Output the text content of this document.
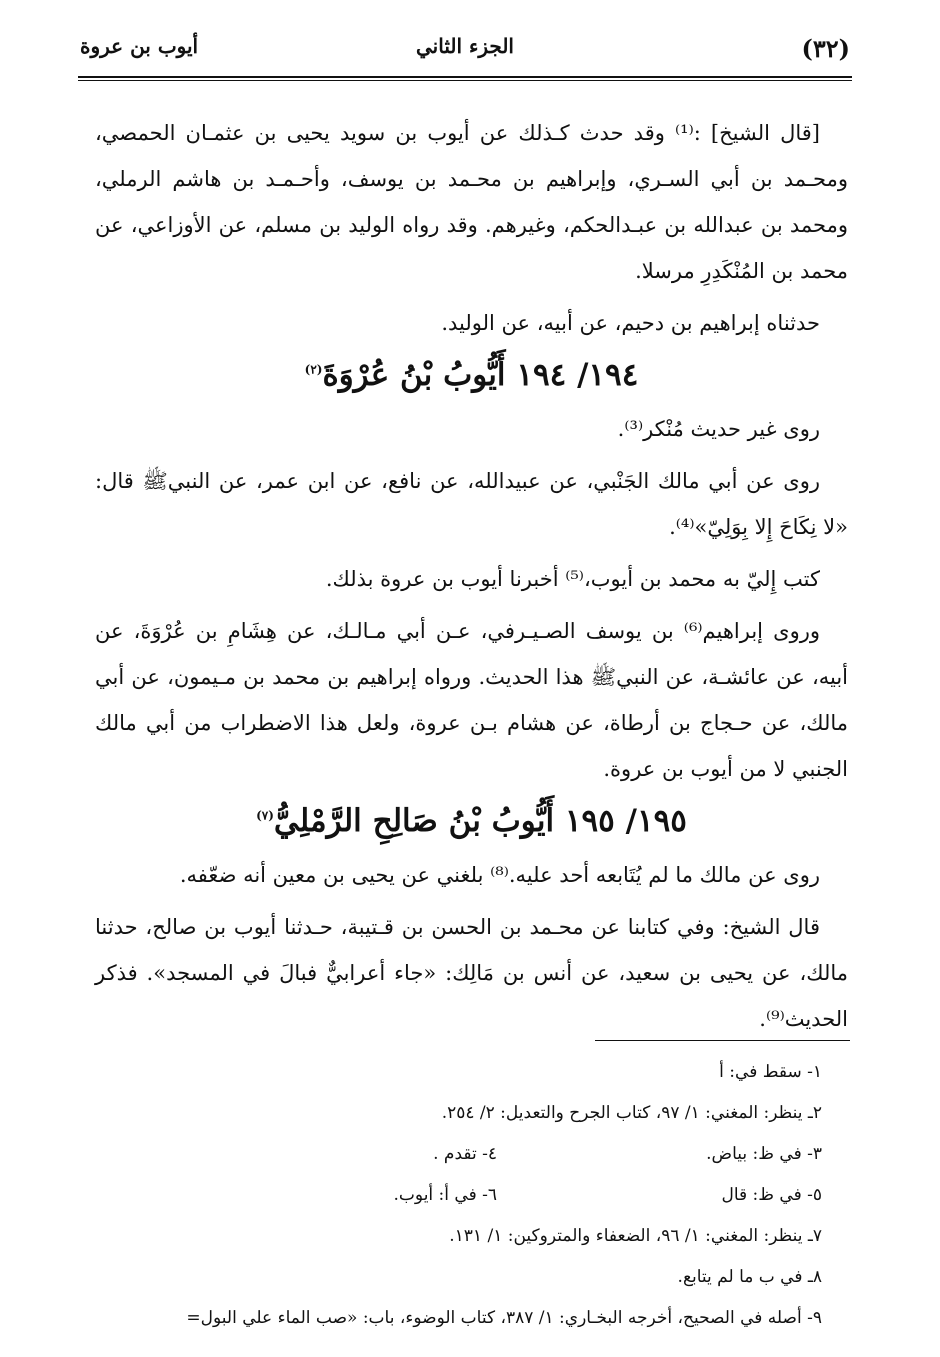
(٣٢)
الجزء الثاني
أيوب بن عروة

[قال الشيخ] :⁽¹⁾ وقد حدث كـذلك عن أيوب بن سويد يحيى بن عثمـان الحمصي، ومحـمد بن أبي السـري، وإبراهيم بن محـمد بن يوسف، وأحـمـد بن هاشم الرملي، ومحمد بن عبدالله بن عبـدالحكم، وغيرهم. وقد رواه الوليد بن مسلم، عن الأوزاعي، عن محمد بن المُنْكَدِرِ مرسلا.

حدثناه إبراهيم بن دحيم، عن أبيه، عن الوليد.

١٩٤/ ١٩٤ أَيُّوبُ بْنُ عُرْوَةَ$^{(٢)}$

روى غير حديث مُنْكر⁽³⁾.

روى عن أبي مالك الجَنْبي، عن عبيدالله، عن نافع، عن ابن عمر، عن النبيﷺ قال: «لا نِكَاحَ إِلا بِوَلِيّ»⁽⁴⁾.

كتب إِليّ به محمد بن أيوب،⁽⁵⁾ أخبرنا أيوب بن عروة بذلك.

وروى إبراهيم⁽⁶⁾ بن يوسف الصـيـرفي، عـن أبي مـالـك، عن هِشَامِ بن عُرْوَةَ، عن أبيه، عن عائشـة، عن النبيﷺ هذا الحديث. ورواه إبراهيم بن محمد بن مـيمون، عن أبي مالك، عن حـجاج بن أرطاة، عن هشام بـن عروة، ولعل هذا الاضطراب من أبي مالك الجنبي لا من أيوب بن عروة.

١٩٥/ ١٩٥ أَيُّوبُ بْنُ صَالِحِ الرَّمْلِيُّ$^{(٧)}$

روى عن مالك ما لم يُتَابعه أحد عليه.⁽⁸⁾ بلغني عن يحيى بن معين أنه ضعّفه.

قال الشيخ: وفي كتابنا عن محـمد بن الحسن بن قـتيبة، حـدثنا أيوب بن صالح، حدثنا مالك، عن يحيى بن سعيد، عن أنس بن مَالِك: «جاء أعرابيٌّ فبالَ في المسجد». فذكر الحديث⁽⁹⁾.

١- سقط في: أ
٢ـ ينظر: المغني: ١/ ٩٧، كتاب الجرح والتعديل: ٢/ ٢٥٤.
٣- في ظ: بياض.
٤- تقدم .
٥- في ظ: قال
٦- في أ: أيوب.
٧ـ ينظر: المغني: ١/ ٩٦، الضعفاء والمتروكين: ١/ ١٣١.
٨ـ في ب ما لم يتابع.
٩- أصله في الصحيح، أخرجه البخـاري: ١/ ٣٨٧، كتاب الوضوء، باب: «صب الماء علي البول=
